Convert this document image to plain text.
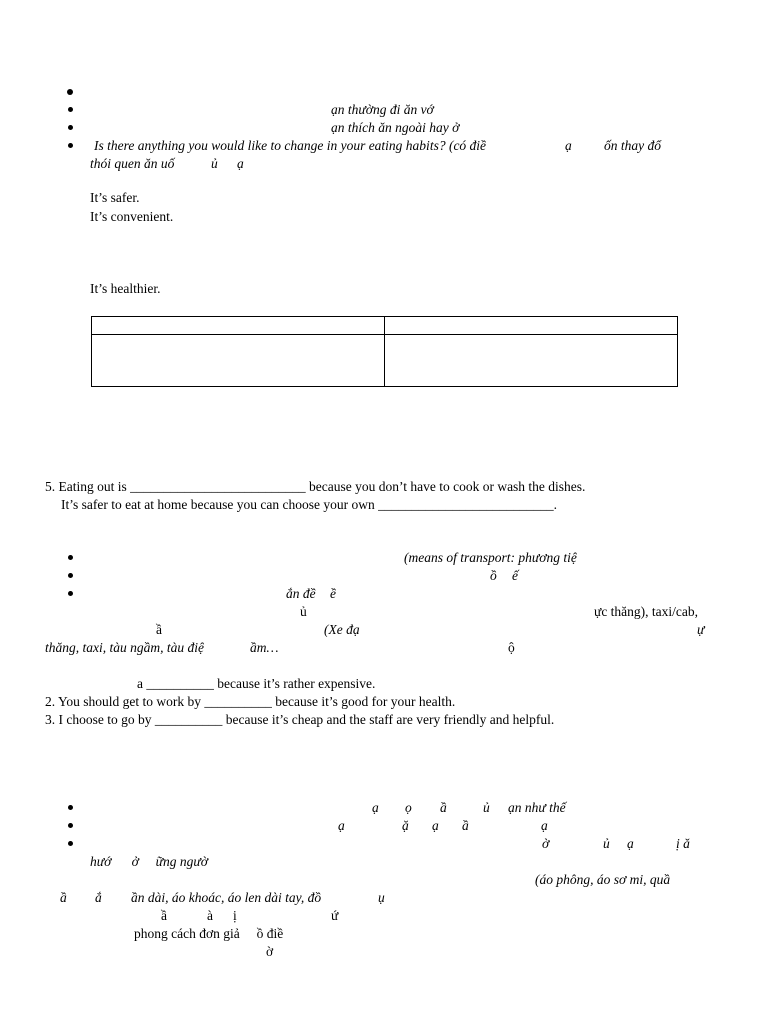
ạn thường đi ăn vớ
ạn thích ăn ngoài hay ở
Is there anything you would like to change in your eating habits? (có điề	ạ ốn thay đổ
thói quen ăn uố	ủ ạ
It’s safer.
It’s convenient.
It’s healthier.
5. Eating out is __________________________ because you don’t have to cook or wash the dishes.
It’s safer to eat at home because you can choose your own __________________________.
(means of transport: phương tiệ
ồ ế
ắn đề ề
ủ	ực thăng), taxi/cab,
ầ	(Xe đạ	ự
thăng, taxi, tàu ngầm, tàu điệ	ầm…	ộ
a __________ because it’s rather expensive.
2. You should get to work by __________ because it’s good for your health.
3. I choose to go by __________ because it’s cheap and the staff are very friendly and helpful.
ạ ọ ầ	ủ ạn như thế
ạ	ặ ạ ầ	ạ
ờ	ủ ạ	ị ă
hướ      ở     ững ngườ
(áo phông, áo sơ mi, quầ
ầ ắ ần dài, áo khoác, áo len dài tay, đồ	ụ
ầ	à ị	ứ
phong cách đơn giả     ồ điề
ờ
